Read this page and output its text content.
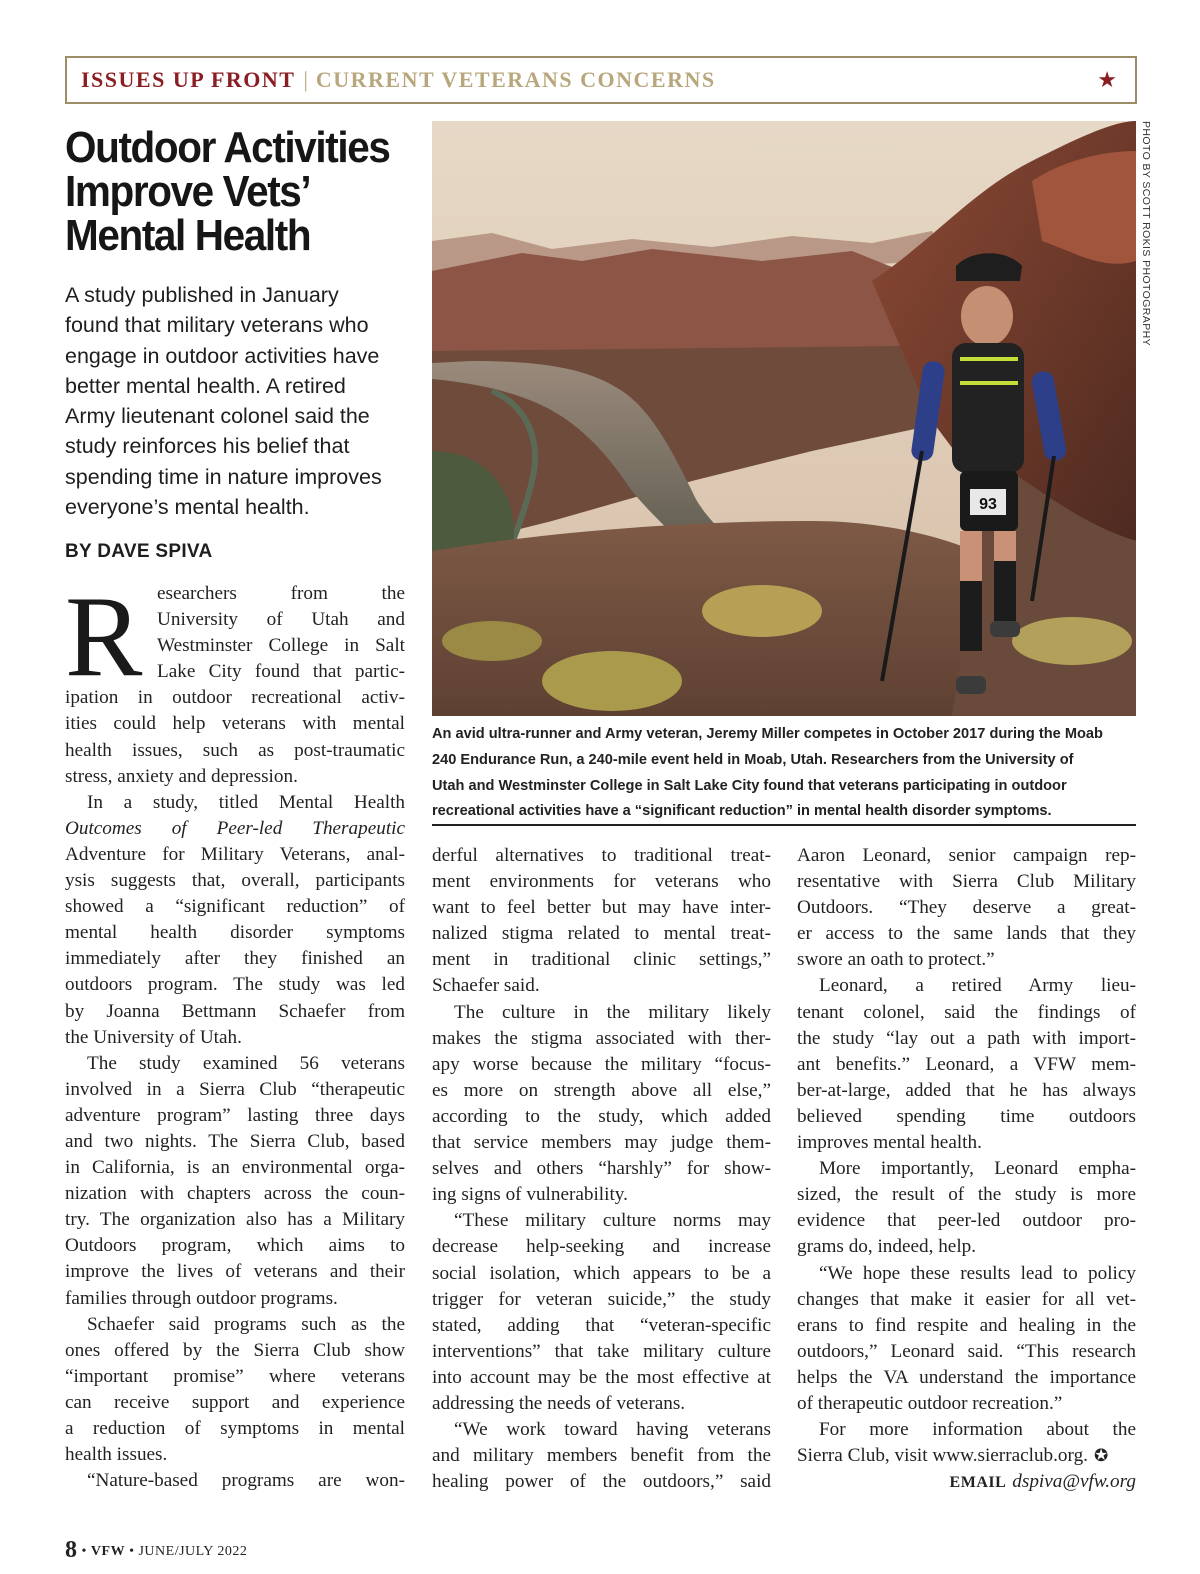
ISSUES UP FRONT | CURRENT VETERANS CONCERNS	★
Outdoor Activities
Improve Vets’
Mental Health
A study published in January
found that military veterans who
engage in outdoor activities have
better mental health. A retired
Army lieutenant colonel said the
study reinforces his belief that
spending time in nature improves
everyone’s mental health.
BY DAVE SPIVA
93
PHOTO BY SCOTT ROKIS PHOTOGRAPHY
An avid ultra-runner and Army veteran, Jeremy Miller competes in October 2017 during the Moab
240 Endurance Run, a 240-mile event held in Moab, Utah. Researchers from the University of
Utah and Westminster College in Salt Lake City found that veterans participating in outdoor
recreational activities have a “significant reduction” in mental health disorder symptoms.
R esearchers from the
University of Utah and
Westminster College in Salt
Lake City found that partic-
ipation in outdoor recreational activ-
ities could help veterans with mental
health issues, such as post-traumatic
stress, anxiety and depression.
In a study, titled Mental Health
Outcomes of Peer-led Therapeutic
Adventure for Military Veterans, anal-
ysis suggests that, overall, participants
showed a “significant reduction” of
mental health disorder symptoms
immediately after they finished an
outdoors program. The study was led
by Joanna Bettmann Schaefer from
the University of Utah.
The study examined 56 veterans
involved in a Sierra Club “therapeutic
adventure program” lasting three days
and two nights. The Sierra Club, based
in California, is an environmental orga-
nization with chapters across the coun-
try. The organization also has a Military
Outdoors program, which aims to
improve the lives of veterans and their
families through outdoor programs.
Schaefer said programs such as the
ones offered by the Sierra Club show
“important promise” where veterans
can receive support and experience
a reduction of symptoms in mental
health issues.
“Nature-based programs are won-
derful alternatives to traditional treat-
ment environments for veterans who
want to feel better but may have inter-
nalized stigma related to mental treat-
ment in traditional clinic settings,”
Schaefer said.
The culture in the military likely
makes the stigma associated with ther-
apy worse because the military “focus-
es more on strength above all else,”
according to the study, which added
that service members may judge them-
selves and others “harshly” for show-
ing signs of vulnerability.
“These military culture norms may
decrease help-seeking and increase
social isolation, which appears to be a
trigger for veteran suicide,” the study
stated, adding that “veteran-specific
interventions” that take military culture
into account may be the most effective at
addressing the needs of veterans.
“We work toward having veterans
and military members benefit from the
healing power of the outdoors,” said
Aaron Leonard, senior campaign rep-
resentative with Sierra Club Military
Outdoors. “They deserve a great-
er access to the same lands that they
swore an oath to protect.”
Leonard, a retired Army lieu-
tenant colonel, said the findings of
the study “lay out a path with import-
ant benefits.” Leonard, a VFW mem-
ber-at-large, added that he has always
believed spending time outdoors
improves mental health.
More importantly, Leonard empha-
sized, the result of the study is more
evidence that peer-led outdoor pro-
grams do, indeed, help.
“We hope these results lead to policy
changes that make it easier for all vet-
erans to find respite and healing in the
outdoors,” Leonard said. “This research
helps the VA understand the importance
of therapeutic outdoor recreation.”
For more information about the
Sierra Club, visit www.sierraclub.org. ✪
EMAIL dspiva@vfw.org
8 • VFW • JUNE/JULY 2022
